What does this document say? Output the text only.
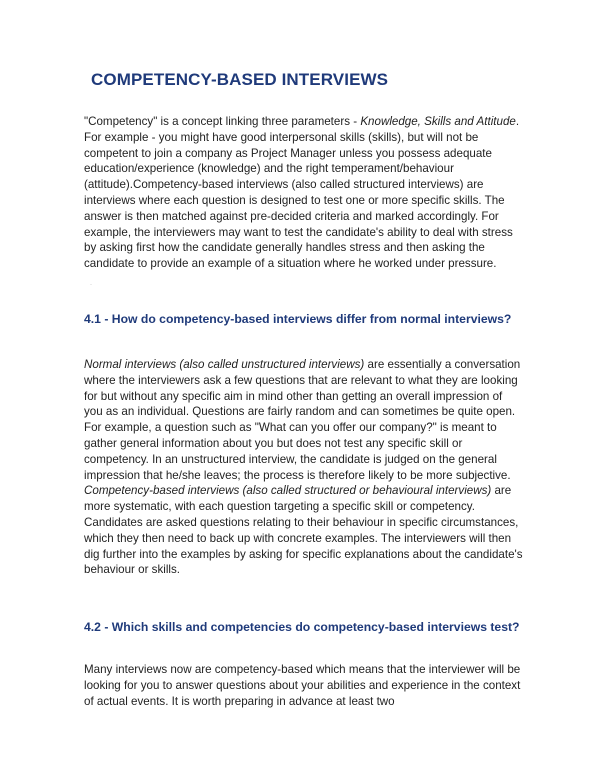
COMPETENCY-BASED INTERVIEWS

"Competency" is a concept linking three parameters - Knowledge, Skills and Attitude. For example - you might have good interpersonal skills (skills), but will not be competent to join a company as Project Manager unless you possess adequate education/experience (knowledge) and the right temperament/behaviour (attitude).Competency-based interviews (also called structured interviews) are interviews where each question is designed to test one or more specific skills. The answer is then matched against pre-decided criteria and marked accordingly. For example, the interviewers may want to test the candidate's ability to deal with stress by asking first how the candidate generally handles stress and then asking the candidate to provide an example of a situation where he worked under pressure.

·
4.1 - How do competency-based interviews differ from normal interviews?

Normal interviews (also called unstructured interviews) are essentially a conversation where the interviewers ask a few questions that are relevant to what they are looking for but without any specific aim in mind other than getting an overall impression of you as an individual. Questions are fairly random and can sometimes be quite open. For example, a question such as "What can you offer our company?" is meant to gather general information about you but does not test any specific skill or competency. In an unstructured interview, the candidate is judged on the general impression that he/she leaves; the process is therefore likely to be more subjective.
Competency-based interviews (also called structured or behavioural interviews) are more systematic, with each question targeting a specific skill or competency. Candidates are asked questions relating to their behaviour in specific circumstances, which they then need to back up with concrete examples. The interviewers will then dig further into the examples by asking for specific explanations about the candidate's behaviour or skills.

4.2 - Which skills and competencies do competency-based interviews test?

Many interviews now are competency-based which means that the interviewer will be looking for you to answer questions about your abilities and experience in the context of actual events. It is worth preparing in advance at least two
